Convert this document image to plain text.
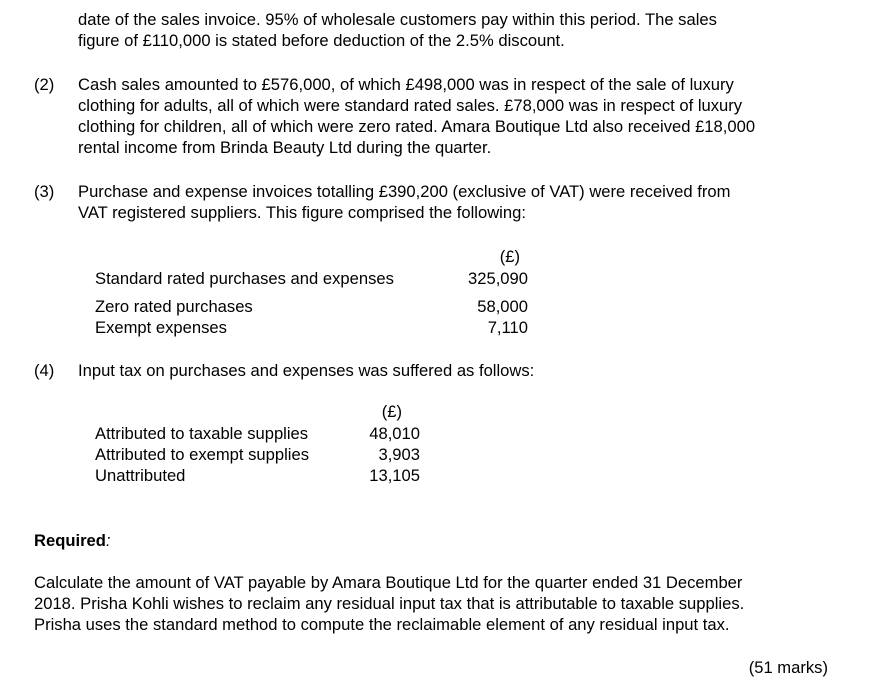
date of the sales invoice. 95% of wholesale customers pay within this period. The sales
figure of £110,000 is stated before deduction of the 2.5% discount.
(2) Cash sales amounted to £576,000, of which £498,000 was in respect of the sale of luxury
clothing for adults, all of which were standard rated sales. £78,000 was in respect of luxury
clothing for children, all of which were zero rated. Amara Boutique Ltd also received £18,000
rental income from Brinda Beauty Ltd during the quarter.
(3) Purchase and expense invoices totalling £390,200 (exclusive of VAT) were received from
VAT registered suppliers. This figure comprised the following:
(£)
Standard rated purchases and expenses	325,090
Zero rated purchases	58,000
Exempt expenses	7,110
(4) Input tax on purchases and expenses was suffered as follows:
(£)
Attributed to taxable supplies	48,010
Attributed to exempt supplies	3,903
Unattributed	13,105
Required:
Calculate the amount of VAT payable by Amara Boutique Ltd for the quarter ended 31 December
2018. Prisha Kohli wishes to reclaim any residual input tax that is attributable to taxable supplies.
Prisha uses the standard method to compute the reclaimable element of any residual input tax.
(51 marks)
